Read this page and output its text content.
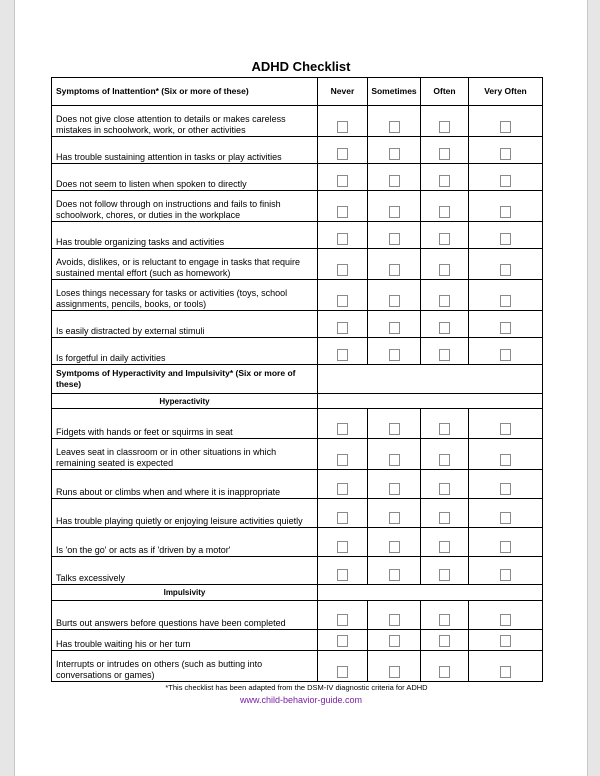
ADHD Checklist
Symptoms of Inattention* (Six or more of these)	Never	Sometimes	Often	Very Often
Does not give close attention to details or makes careless mistakes in schoolwork, work, or other activities				
Has trouble sustaining attention in tasks or play activities				
Does not seem to listen when spoken to directly				
Does not follow through on instructions and fails to finish schoolwork, chores, or duties in the workplace				
Has trouble organizing tasks and activities				
Avoids, dislikes, or is reluctant to engage in tasks that require sustained mental effort (such as homework)				
Loses things necessary for tasks or activities (toys, school assignments, pencils, books, or tools)				
Is easily distracted by external stimuli				
Is forgetful in daily activities				
Symtpoms of Hyperactivity and Impulsivity* (Six or more of these)				
Hyperactivity				
Fidgets with hands or feet or squirms in seat				
Leaves seat in classroom or in other situations in which remaining seated is expected				
Runs about or climbs when and where it is inappropriate				
Has trouble playing quietly or enjoying leisure activities quietly				
Is 'on the go' or acts as if 'driven by a motor'				
Talks excessively				
Impulsivity				
Burts out answers before questions have been completed				
Has trouble waiting his or her turn				
Interrupts or intrudes on others (such as butting into conversations or games)				
*This checklist has been adapted from the DSM-IV diagnostic criteria for ADHD
www.child-behavior-guide.com
